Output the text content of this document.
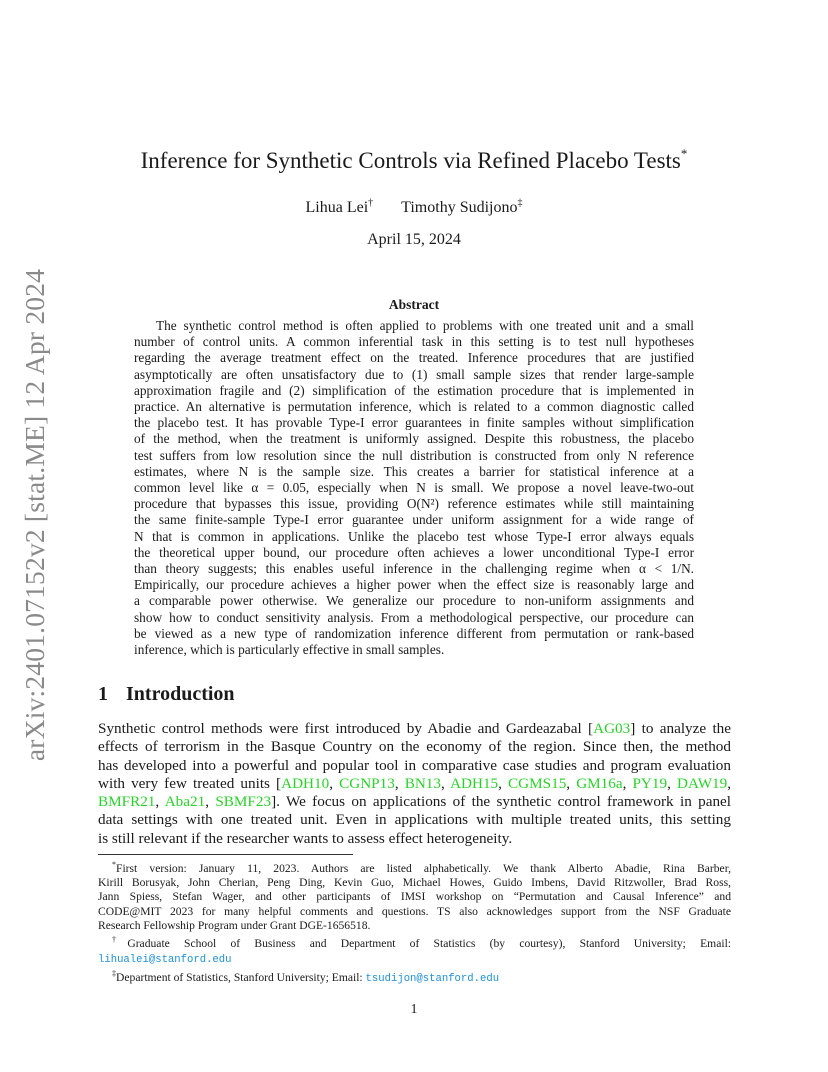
arXiv:2401.07152v2 [stat.ME] 12 Apr 2024
Inference for Synthetic Controls via Refined Placebo Tests*
Lihua Lei† Timothy Sudijono‡
April 15, 2024
Abstract
The synthetic control method is often applied to problems with one treated unit and a small
number of control units. A common inferential task in this setting is to test null hypotheses
regarding the average treatment effect on the treated. Inference procedures that are justified
asymptotically are often unsatisfactory due to (1) small sample sizes that render large-sample
approximation fragile and (2) simplification of the estimation procedure that is implemented in
practice. An alternative is permutation inference, which is related to a common diagnostic called
the placebo test. It has provable Type-I error guarantees in finite samples without simplification
of the method, when the treatment is uniformly assigned. Despite this robustness, the placebo
test suffers from low resolution since the null distribution is constructed from only N reference
estimates, where N is the sample size. This creates a barrier for statistical inference at a
common level like α = 0.05, especially when N is small. We propose a novel leave-two-out
procedure that bypasses this issue, providing O(N²) reference estimates while still maintaining
the same finite-sample Type-I error guarantee under uniform assignment for a wide range of
N that is common in applications. Unlike the placebo test whose Type-I error always equals
the theoretical upper bound, our procedure often achieves a lower unconditional Type-I error
than theory suggests; this enables useful inference in the challenging regime when α < 1/N.
Empirically, our procedure achieves a higher power when the effect size is reasonably large and
a comparable power otherwise. We generalize our procedure to non-uniform assignments and
show how to conduct sensitivity analysis. From a methodological perspective, our procedure can
be viewed as a new type of randomization inference different from permutation or rank-based
inference, which is particularly effective in small samples.
1 Introduction
Synthetic control methods were first introduced by Abadie and Gardeazabal [AG03] to analyze the
effects of terrorism in the Basque Country on the economy of the region. Since then, the method
has developed into a powerful and popular tool in comparative case studies and program evaluation
with very few treated units [ADH10, CGNP13, BN13, ADH15, CGMS15, GM16a, PY19, DAW19,
BMFR21, Aba21, SBMF23]. We focus on applications of the synthetic control framework in panel
data settings with one treated unit. Even in applications with multiple treated units, this setting
is still relevant if the researcher wants to assess effect heterogeneity.
*First version: January 11, 2023. Authors are listed alphabetically. We thank Alberto Abadie, Rina Barber,
Kirill Borusyak, John Cherian, Peng Ding, Kevin Guo, Michael Howes, Guido Imbens, David Ritzwoller, Brad Ross,
Jann Spiess, Stefan Wager, and other participants of IMSI workshop on “Permutation and Causal Inference” and
CODE@MIT 2023 for many helpful comments and questions. TS also acknowledges support from the NSF Graduate
Research Fellowship Program under Grant DGE-1656518.
†Graduate School of Business and Department of Statistics (by courtesy), Stanford University; Email:
lihualei@stanford.edu
‡Department of Statistics, Stanford University; Email: tsudijon@stanford.edu
1
